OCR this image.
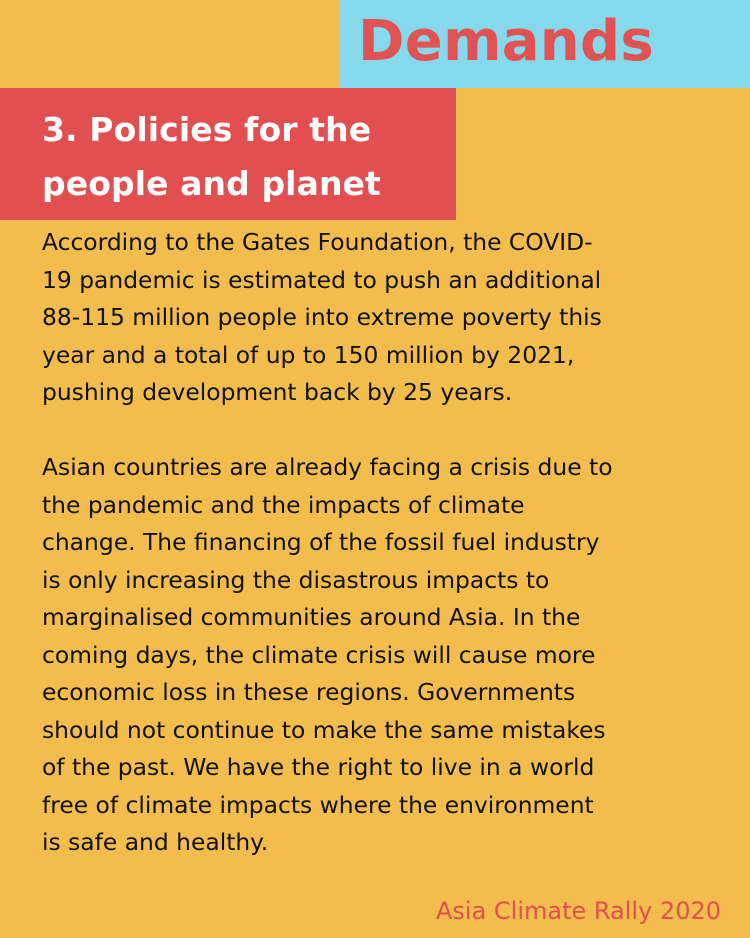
Demands
3. Policies for the
people and planet

According to the Gates Foundation, the COVID-

19 pandemic is estimated to push an additional

88-115 million people into extreme poverty this

year and a total of up to 150 million by 2021,

pushing development back by 25 years.

Asian countries are already facing a crisis due to

the pandemic and the impacts of climate

change. The financing of the fossil fuel industry

is only increasing the disastrous impacts to

marginalised communities around Asia. In the

coming days, the climate crisis will cause more

economic loss in these regions. Governments

should not continue to make the same mistakes

of the past. We have the right to live in a world

free of climate impacts where the environment

is safe and healthy.

Asia Climate Rally 2020
